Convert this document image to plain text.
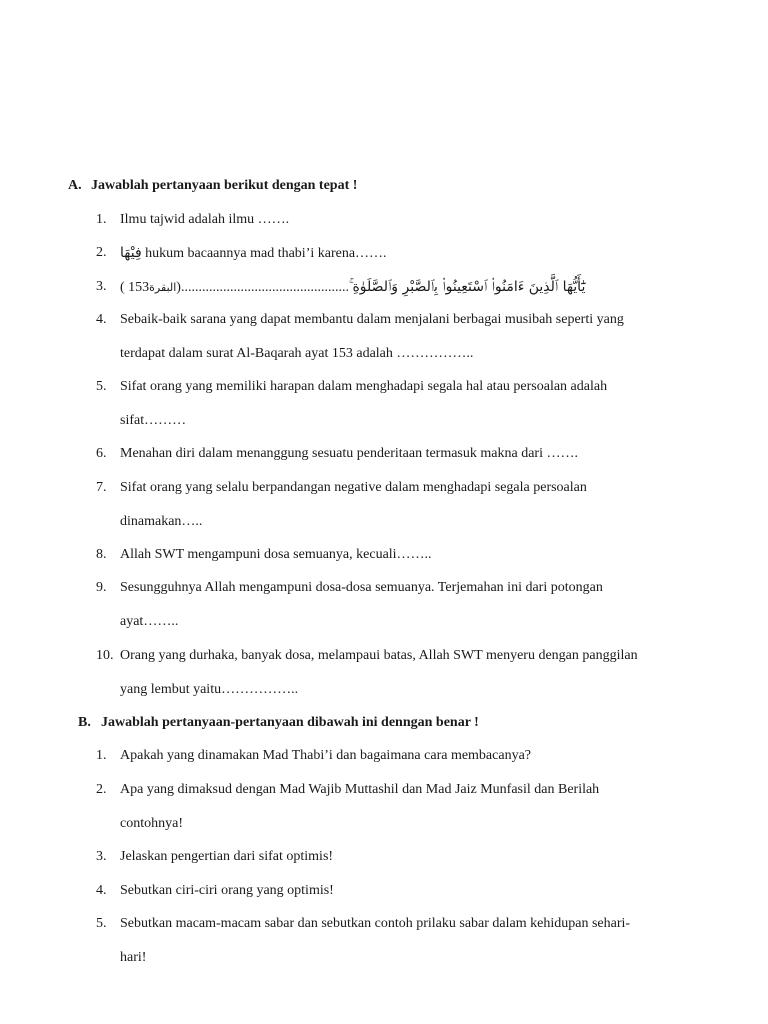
A. Jawablah pertanyaan berikut dengan tepat !
1. Ilmu tajwid adalah ilmu …….
2. فِيْهَا hukum bacaannya mad thabi’i karena…….
3. ( 153البقرة)................................................يَٰٓأَيُّهَا ٱلَّذِينَ ءَامَنُوا۟ ٱسْتَعِينُوا۟ بِٱلصَّبْرِ وَٱلصَّلَوٰةِ ۚ
4. Sebaik-baik sarana yang dapat membantu dalam menjalani berbagai musibah seperti yang
terdapat dalam surat Al-Baqarah ayat 153 adalah ……………..
5. Sifat orang yang memiliki harapan dalam menghadapi segala hal atau persoalan adalah
sifat………
6. Menahan diri dalam menanggung sesuatu penderitaan termasuk makna dari …….
7. Sifat orang yang selalu berpandangan negative dalam menghadapi segala persoalan
dinamakan…..
8. Allah SWT mengampuni dosa semuanya, kecuali……..
9. Sesungguhnya Allah mengampuni dosa-dosa semuanya. Terjemahan ini dari potongan
ayat……..
10. Orang yang durhaka, banyak dosa, melampaui batas, Allah SWT menyeru dengan panggilan
yang lembut yaitu……………..
B. Jawablah pertanyaan-pertanyaan dibawah ini denngan benar !
1. Apakah yang dinamakan Mad Thabi’i dan bagaimana cara membacanya?
2. Apa yang dimaksud dengan Mad Wajib Muttashil dan Mad Jaiz Munfasil dan Berilah
contohnya!
3. Jelaskan pengertian dari sifat optimis!
4. Sebutkan ciri-ciri orang yang optimis!
5. Sebutkan macam-macam sabar dan sebutkan contoh prilaku sabar dalam kehidupan sehari-
hari!
